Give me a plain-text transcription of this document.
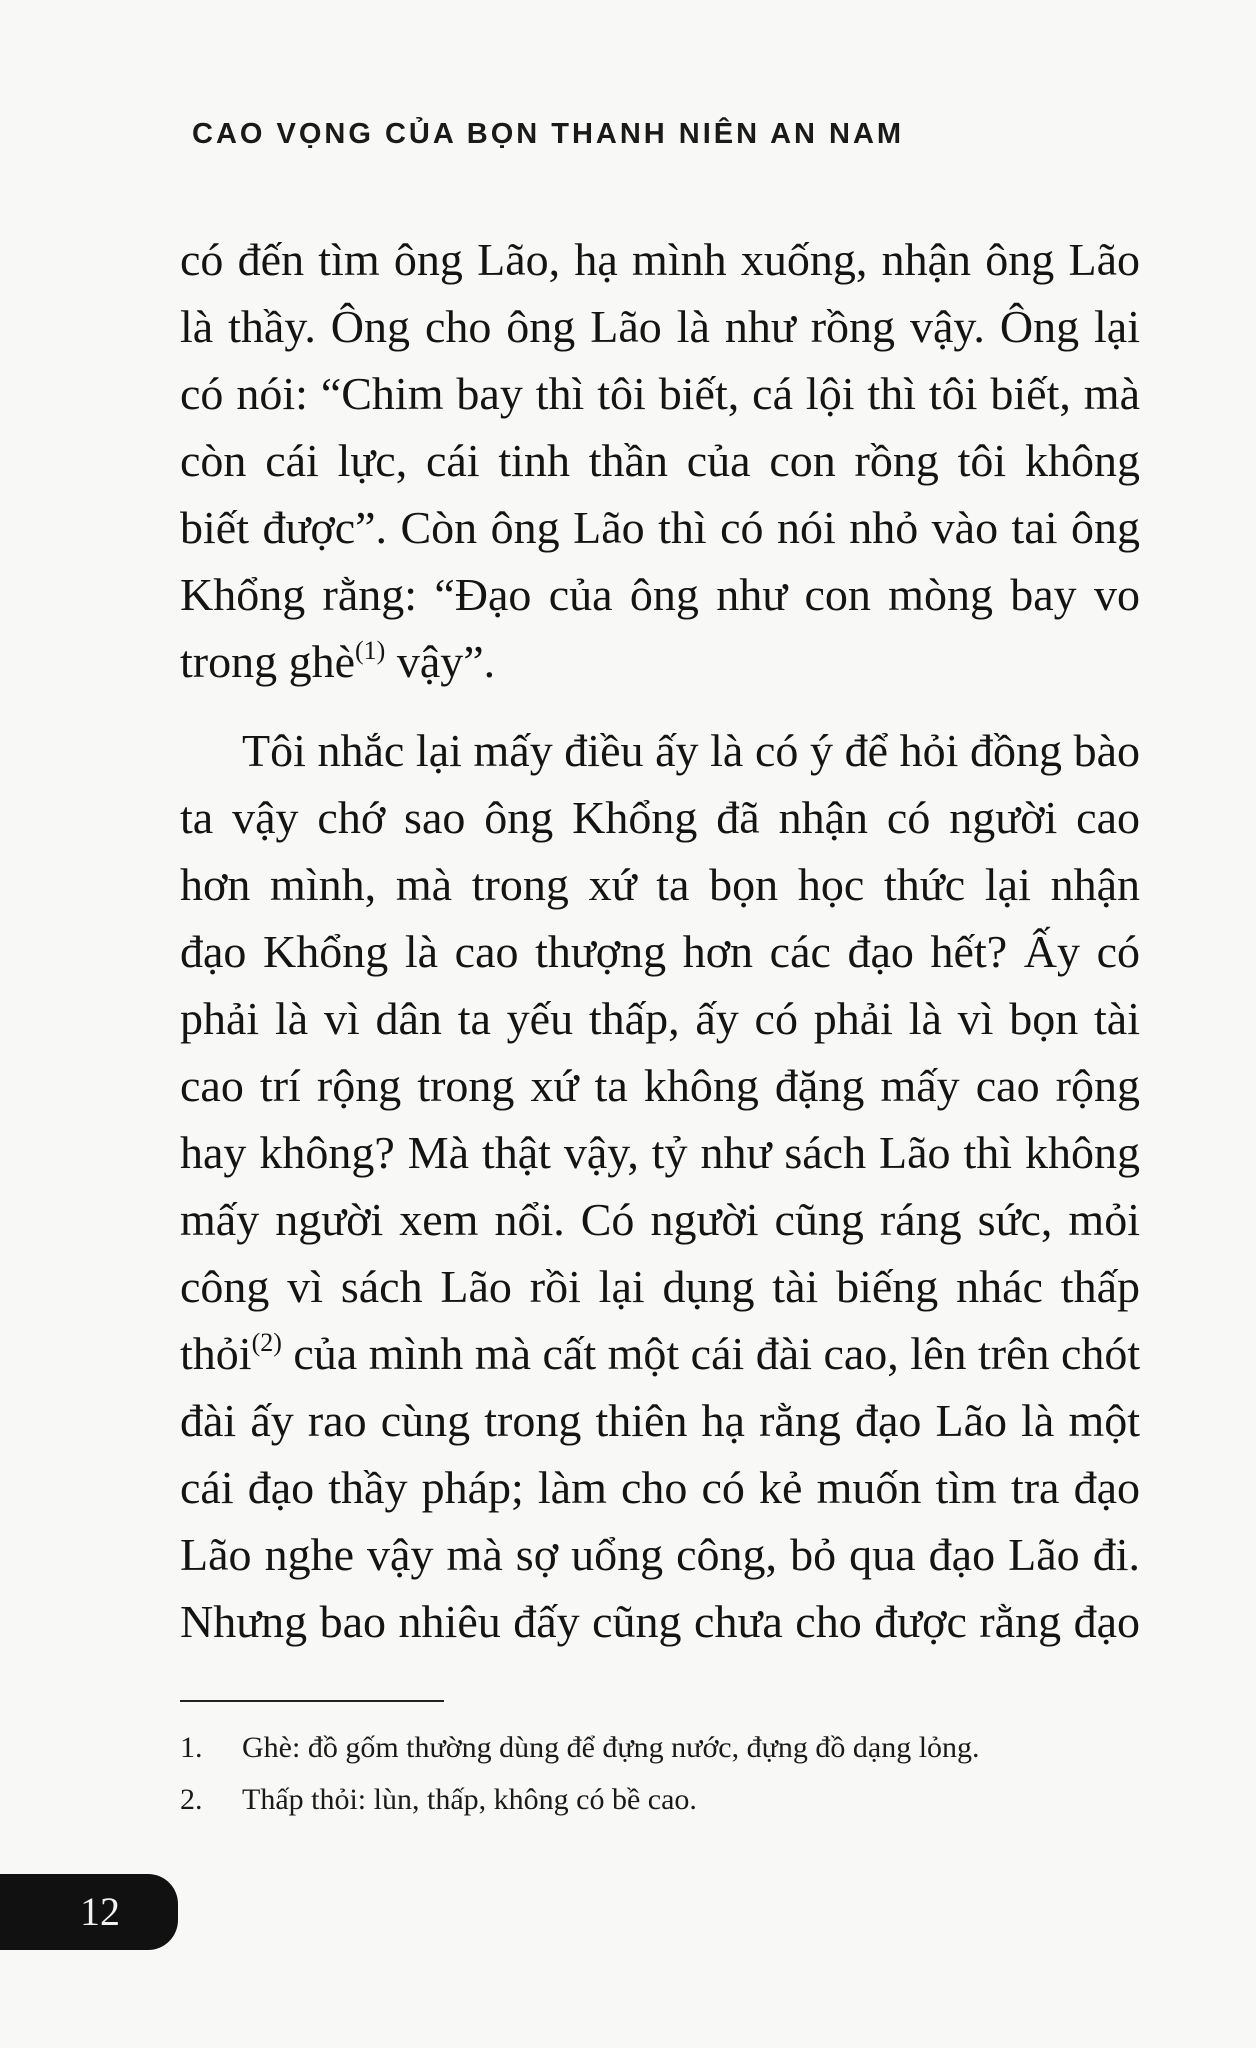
CAO VỌNG CỦA BỌN THANH NIÊN AN NAM

có đến tìm ông Lão, hạ mình xuống, nhận ông Lão
là thầy. Ông cho ông Lão là như rồng vậy. Ông lại
có nói: “Chim bay thì tôi biết, cá lội thì tôi biết, mà
còn cái lực, cái tinh thần của con rồng tôi không
biết được”. Còn ông Lão thì có nói nhỏ vào tai ông
Khổng rằng: “Đạo của ông như con mòng bay vo
trong ghè$^{(1)}$ vậy”.

Tôi nhắc lại mấy điều ấy là có ý để hỏi đồng bào
ta vậy chớ sao ông Khổng đã nhận có người cao
hơn mình, mà trong xứ ta bọn học thức lại nhận
đạo Khổng là cao thượng hơn các đạo hết? Ấy có
phải là vì dân ta yếu thấp, ấy có phải là vì bọn tài
cao trí rộng trong xứ ta không đặng mấy cao rộng
hay không? Mà thật vậy, tỷ như sách Lão thì không
mấy người xem nổi. Có người cũng ráng sức, mỏi
công vì sách Lão rồi lại dụng tài biếng nhác thấp
thỏi$^{(2)}$ của mình mà cất một cái đài cao, lên trên chót
đài ấy rao cùng trong thiên hạ rằng đạo Lão là một
cái đạo thầy pháp; làm cho có kẻ muốn tìm tra đạo
Lão nghe vậy mà sợ uổng công, bỏ qua đạo Lão đi.
Nhưng bao nhiêu đấy cũng chưa cho được rằng đạo

1. Ghè: đồ gốm thường dùng để đựng nước, đựng đồ dạng lỏng.
2. Thấp thỏi: lùn, thấp, không có bề cao.
12
